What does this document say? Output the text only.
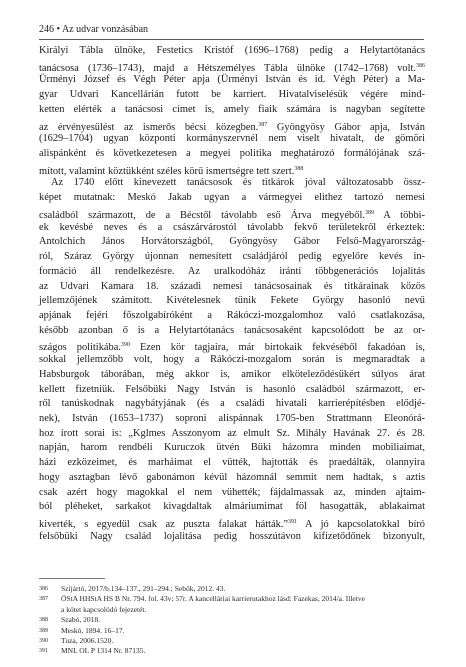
246 • Az udvar vonzásában
Királyi Tábla ülnöke, Festetics Kristóf (1696–1768) pedig a Helytartótanács
tanácsosa (1736–1743), majd a Hétszemélyes Tábla ülnöke (1742–1768) volt.$^{386}$
Ürményi József és Végh Péter apja (Ürményi István és id. Végh Péter) a Ma-
gyar Udvari Kancellárián futott be karriert. Hivatalviselésük végére mind-
ketten elérték a tanácsosi címet is, amely fiaik számára is nagyban segítette
az érvényesülést az ismerős bécsi közegben.$^{387}$ Gyöngyösy Gábor apja, István
(1629–1704) ugyan központi kormányszervnél nem viselt hivatalt, de gömöri
alispánként és következetesen a megyei politika meghatározó formálójának szá-
mított, valamint köztükként széles körű ismertségre tett szert.$^{388}$
Az 1740 előtt kinevezett tanácsosok és titkárok jóval változatosabb össz-
képet mutatnak: Meskó Jakab ugyan a vármegyei elithez tartozó nemesi
családból származott, de a Bécstől távolabb eső Árva megyéből.$^{389}$ A többi-
ek kevésbé neves és a császárvárostól távolabb fekvő területekről érkeztek:
Antolchich János Horvátországból, Gyöngyösy Gábor Felső-Magyarország-
ról, Száraz György újonnan nemesített családjáról pedig egyelőre kevés in-
formáció áll rendelkezésre. Az uralkodóház iránti többgenerációs lojalitás
az Udvari Kamara 18. századi nemesi tanácsosainak és titkárainak közös
jellemzőjének számított. Kivételesnek tűnik Fekete György hasonló nevű
apjának fejéri főszolgabíróként a Rákóczi-mozgalomhoz való csatlakozása,
később azonban ő is a Helytartótanács tanácsosaként kapcsolódott be az or-
szágos politikába.$^{390}$ Ezen kör tagjaira, már birtokaik fekvéséből fakadóan is,
sokkal jellemzőbb volt, hogy a Rákóczi-mozgalom során is megmaradtak a
Habsburgok táborában, még akkor is, amikor elköteleződésükért súlyos árat
kellett fizetniük. Felsőbüki Nagy István is hasonló családból származott, er-
ről tanúskodnak nagybátyjának (és a családi hivatali karrierépítésben elődjé-
nek), István (1653–1737) soproni alispánnak 1705-ben Strattmann Eleonórá-
hoz írott sorai is: „Kglmes Asszonyom az elmult Sz. Mihály Havának 27. és 28.
napján, harom rendbéli Kuruczok ütvén Büki házomra minden mobiliaimat,
házi ezközeimet, és marháimat el vütték, hajtották és praedálták, olannyira
hogy asztagban lévő gabonámon kévül házomnál semmit nem hadtak, s aztis
csak azért hogy magokkal el nem vühették; fájdalmassak az, minden ajtaim-
ból pléheket, sarkakot kivagdaltak almáriumimat föl hasogatták, ablakaimat
kiverték, s egyedül csak az puszta falakat hátták.”$^{391}$ A jó kapcsolatokkal bíró
felsőbüki Nagy család lojalitása pedig hosszútávon kifizetődőnek bizonyult,
386	Szijártó, 2017/b.134–137., 291–294.; Sebők, 2012. 43.
387	ÖStA HHStA HS B Nr. 794. fol. 43v; 57r. A kancelláriai karrierutakhoz lásd: Fazekas, 2014/a. Illetve
a kötet kapcsolódó fejezetét.
388	Szabó, 2018.
389	Meskó, 1894. 16–17.
390	Tuza, 2006.1520.
391	MNL OL P 1314 Nr. 87135.
